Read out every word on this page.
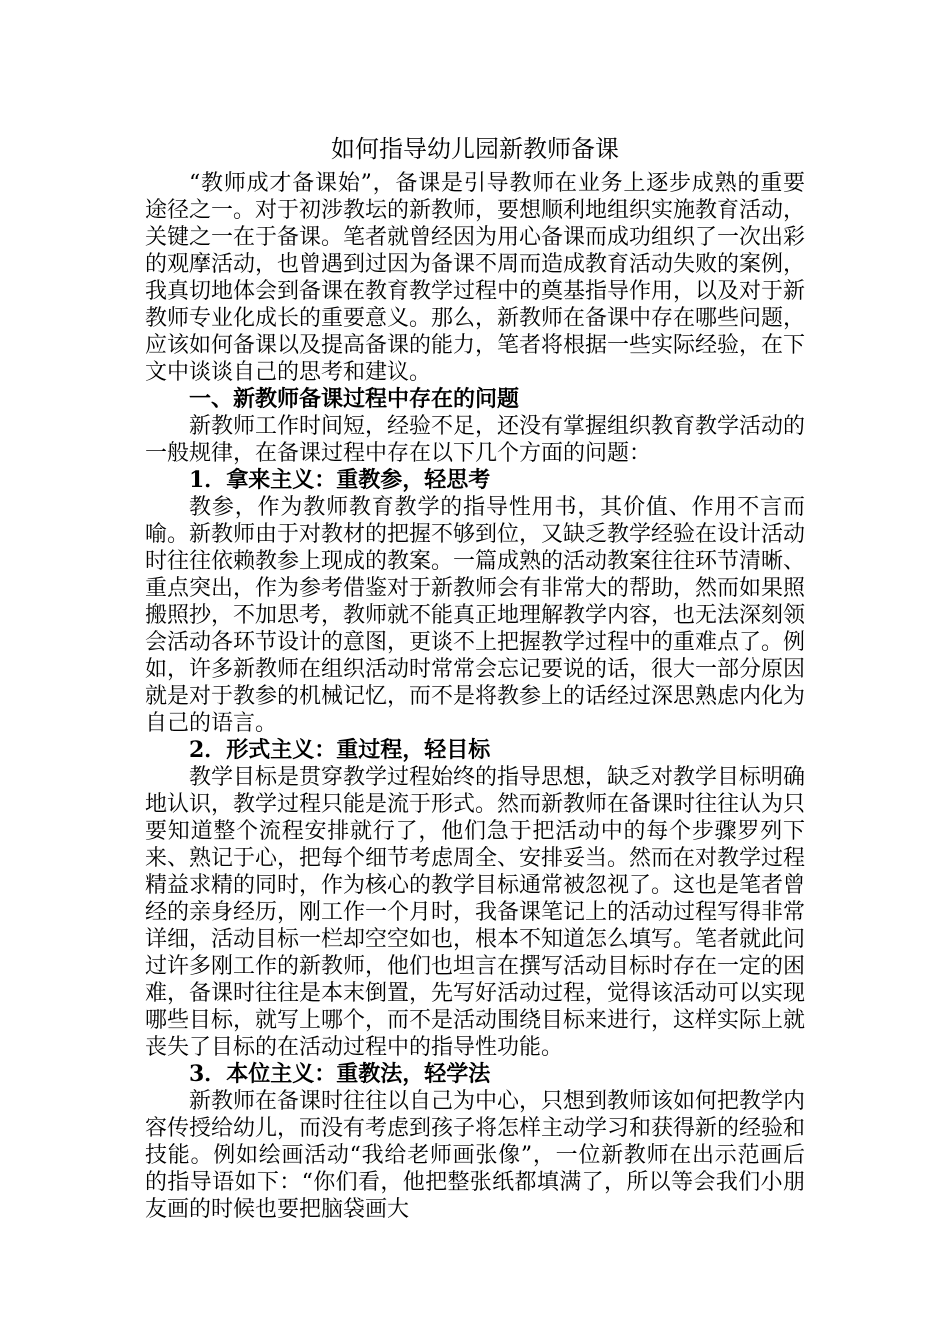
如何指导幼儿园新教师备课

“教师成才备课始”，备课是引导教师在业务上逐步成熟的重要途径之一。对于初涉教坛的新教师，要想顺利地组织实施教育活动，关键之一在于备课。笔者就曾经因为用心备课而成功组织了一次出彩的观摩活动，也曾遇到过因为备课不周而造成教育活动失败的案例，我真切地体会到备课在教育教学过程中的奠基指导作用，以及对于新教师专业化成长的重要意义。那么，新教师在备课中存在哪些问题，应该如何备课以及提高备课的能力，笔者将根据一些实际经验，在下文中谈谈自己的思考和建议。

一、新教师备课过程中存在的问题

新教师工作时间短，经验不足，还没有掌握组织教育教学活动的一般规律，在备课过程中存在以下几个方面的问题：

1．拿来主义：重教参，轻思考

教参，作为教师教育教学的指导性用书，其价值、作用不言而喻。新教师由于对教材的把握不够到位，又缺乏教学经验在设计活动时往往依赖教参上现成的教案。一篇成熟的活动教案往往环节清晰、重点突出，作为参考借鉴对于新教师会有非常大的帮助，然而如果照搬照抄，不加思考，教师就不能真正地理解教学内容，也无法深刻领会活动各环节设计的意图，更谈不上把握教学过程中的重难点了。例如，许多新教师在组织活动时常常会忘记要说的话，很大一部分原因就是对于教参的机械记忆，而不是将教参上的话经过深思熟虑内化为自己的语言。

2．形式主义：重过程，轻目标

教学目标是贯穿教学过程始终的指导思想，缺乏对教学目标明确地认识，教学过程只能是流于形式。然而新教师在备课时往往认为只要知道整个流程安排就行了，他们急于把活动中的每个步骤罗列下来、熟记于心，把每个细节考虑周全、安排妥当。然而在对教学过程精益求精的同时，作为核心的教学目标通常被忽视了。这也是笔者曾经的亲身经历，刚工作一个月时，我备课笔记上的活动过程写得非常详细，活动目标一栏却空空如也，根本不知道怎么填写。笔者就此问过许多刚工作的新教师，他们也坦言在撰写活动目标时存在一定的困难，备课时往往是本末倒置，先写好活动过程，觉得该活动可以实现哪些目标，就写上哪个，而不是活动围绕目标来进行，这样实际上就丧失了目标的在活动过程中的指导性功能。

3．本位主义：重教法，轻学法

新教师在备课时往往以自己为中心，只想到教师该如何把教学内容传授给幼儿，而没有考虑到孩子将怎样主动学习和获得新的经验和技能。例如绘画活动“我给老师画张像”，一位新教师在出示范画后的指导语如下：“你们看，他把整张纸都填满了，所以等会我们小朋友画的时候也要把脑袋画大
